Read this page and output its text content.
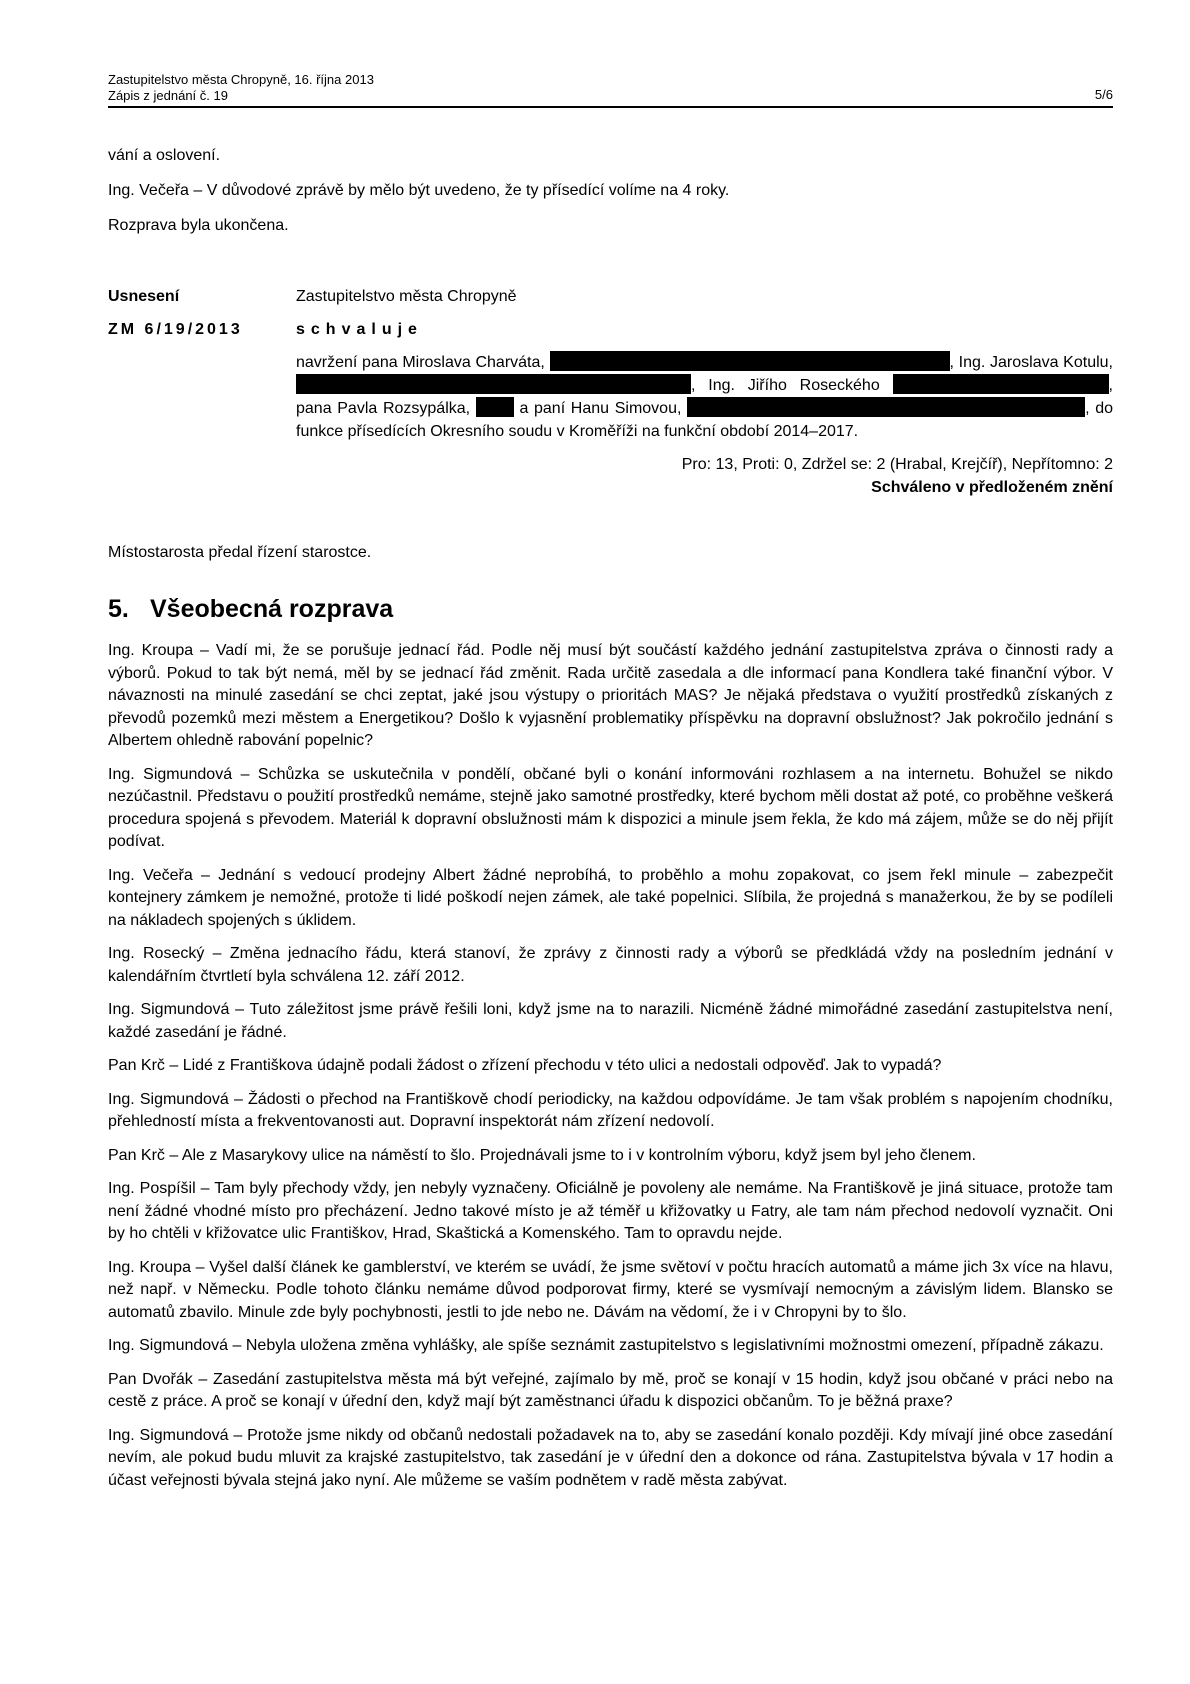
Zastupitelstvo města Chropyně, 16. října 2013
Zápis z jednání č. 19	5/6

vání a oslovení.

Ing. Večeřa – V důvodové zprávě by mělo být uvedeno, že ty přísedící volíme na 4 roky.

Rozprava byla ukončena.

Usnesení	Zastupitelstvo města Chropyně
ZM 6/19/2013	schvaluje
navržení pana Miroslava Charváta,	, Ing. Jaroslava Kotulu, , Ing. Jiřího Roseckého	, pana Pavla Rozsypálka,	a paní Hanu Simovou,	, do funkce přísedících Okresního soudu v Kroměříži na funkční období 2014–2017.
Pro: 13, Proti: 0, Zdržel se: 2 (Hrabal, Krejčíř), Nepřítomno: 2
Schváleno v předloženém znění

Místostarosta předal řízení starostce.

5. Všeobecná rozprava

Ing. Kroupa – Vadí mi, že se porušuje jednací řád. Podle něj musí být součástí každého jednání zastupitelstva zpráva o činnosti rady a výborů. Pokud to tak být nemá, měl by se jednací řád změnit. Rada určitě zasedala a dle informací pana Kondlera také finanční výbor. V návaznosti na minulé zasedání se chci zeptat, jaké jsou výstupy o prioritách MAS? Je nějaká představa o využití prostředků získaných z převodů pozemků mezi městem a Energetikou? Došlo k vyjasnění problematiky příspěvku na dopravní obslužnost? Jak pokročilo jednání s Albertem ohledně rabování popelnic?

Ing. Sigmundová – Schůzka se uskutečnila v pondělí, občané byli o konání informováni rozhlasem a na internetu. Bohužel se nikdo nezúčastnil. Představu o použití prostředků nemáme, stejně jako samotné prostředky, které bychom měli dostat až poté, co proběhne veškerá procedura spojená s převodem. Materiál k dopravní obslužnosti mám k dispozici a minule jsem řekla, že kdo má zájem, může se do něj přijít podívat.

Ing. Večeřa – Jednání s vedoucí prodejny Albert žádné neprobíhá, to proběhlo a mohu zopakovat, co jsem řekl minule – zabezpečit kontejnery zámkem je nemožné, protože ti lidé poškodí nejen zámek, ale také popelnici. Slíbila, že projedná s manažerkou, že by se podíleli na nákladech spojených s úklidem.

Ing. Rosecký – Změna jednacího řádu, která stanoví, že zprávy z činnosti rady a výborů se předkládá vždy na posledním jednání v kalendářním čtvrtletí byla schválena 12. září 2012.

Ing. Sigmundová – Tuto záležitost jsme právě řešili loni, když jsme na to narazili. Nicméně žádné mimořádné zasedání zastupitelstva není, každé zasedání je řádné.

Pan Krč – Lidé z Františkova údajně podali žádost o zřízení přechodu v této ulici a nedostali odpověď. Jak to vypadá?

Ing. Sigmundová – Žádosti o přechod na Františkově chodí periodicky, na každou odpovídáme. Je tam však problém s napojením chodníku, přehledností místa a frekventovanosti aut. Dopravní inspektorát nám zřízení nedovolí.

Pan Krč – Ale z Masarykovy ulice na náměstí to šlo. Projednávali jsme to i v kontrolním výboru, když jsem byl jeho členem.

Ing. Pospíšil – Tam byly přechody vždy, jen nebyly vyznačeny. Oficiálně je povoleny ale nemáme. Na Františkově je jiná situace, protože tam není žádné vhodné místo pro přecházení. Jedno takové místo je až téměř u křižovatky u Fatry, ale tam nám přechod nedovolí vyznačit. Oni by ho chtěli v křižovatce ulic Františkov, Hrad, Skaštická a Komenského. Tam to opravdu nejde.

Ing. Kroupa – Vyšel další článek ke gamblerství, ve kterém se uvádí, že jsme světoví v počtu hracích automatů a máme jich 3x více na hlavu, než např. v Německu. Podle tohoto článku nemáme důvod podporovat firmy, které se vysmívají nemocným a závislým lidem. Blansko se automatů zbavilo. Minule zde byly pochybnosti, jestli to jde nebo ne. Dávám na vědomí, že i v Chropyni by to šlo.

Ing. Sigmundová – Nebyla uložena změna vyhlášky, ale spíše seznámit zastupitelstvo s legislativními možnostmi omezení, případně zákazu.

Pan Dvořák – Zasedání zastupitelstva města má být veřejné, zajímalo by mě, proč se konají v 15 hodin, když jsou občané v práci nebo na cestě z práce. A proč se konají v úřední den, když mají být zaměstnanci úřadu k dispozici občanům. To je běžná praxe?

Ing. Sigmundová – Protože jsme nikdy od občanů nedostali požadavek na to, aby se zasedání konalo později. Kdy mívají jiné obce zasedání nevím, ale pokud budu mluvit za krajské zastupitelstvo, tak zasedání je v úřední den a dokonce od rána. Zastupitelstva bývala v 17 hodin a účast veřejnosti bývala stejná jako nyní. Ale můžeme se vaším podnětem v radě města zabývat.
